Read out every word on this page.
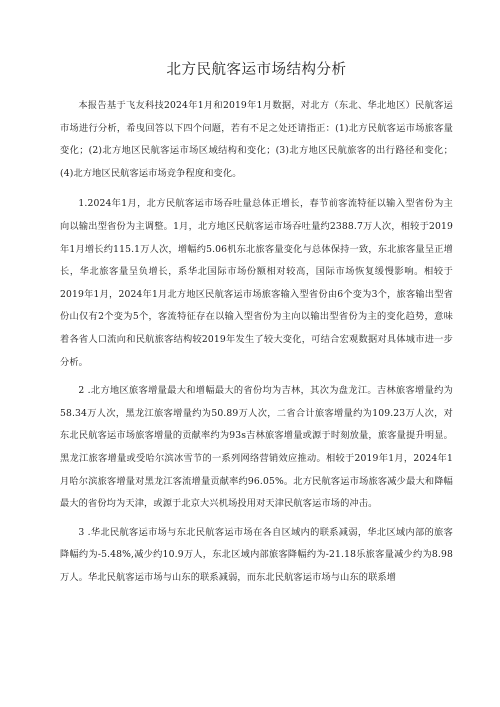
北方民航客运市场结构分析

本报告基于飞友科技2024年1月和2019年1月数据，对北方（东北、华北地区）民航客运市场进行分析，希曳回答以下四个问题，若有不足之处还请指正：(1)北方民航客运市场旅客量变化；(2)北方地区民航客运市场区域结构和变化；(3)北方地区民航旅客的出行路径和变化；(4)北方地区民航客运市场竞争程度和变化。

1.2024年1月，北方民航客运市场吞吐量总体正增长，春节前客流特征以输入型省份为主向以输出型省份为主调整。1月，北方地区民航客运市场吞吐量约2388.7万人次，相较于2019年1月增长约115.1万人次，增幅约5.06机东北旅客量变化与总体保持一致，东北旅客量呈正增长，华北旅客量呈负增长，系华北国际市场份额相对较高，国际市场恢复缓慢影响。相较于2019年1月，2024年1月北方地区民航客运市场旅客输入型省份由6个变为3个，旅客输出型省份山仅有2个变为5个，客流特征存在以输入型省份为主向以输出型省份为主的变化趋势，意味着各省人口流向和民航旅客结构较2019年发生了较大变化，可结合宏观数据对具体城市进一步分析。

2 .北方地区旅客增量最大和增幅最大的省份均为吉林，其次为盘龙江。吉林旅客增量约为58.34万人次，黑龙江旅客增量约为50.89万人次，二省合计旅客增量约为109.23万人次，对东北民航客运市场旅客增量的贡献率约为93s吉林旅客增量或源于时刻放量，旅客量提升明显。黑龙江旅客增量或受哈尔滨冰雪节的一系列网络营销效应推动。相较于2019年1月，2024年1月哈尔滨旅客增量对黑龙江客流增量贡献率约96.05%。北方民航客运市场旅客减少最大和降幅最大的省份均为天津，或源于北京大兴机场投用对天津民航客运市场的冲击。

3 .华北民航客运市场与东北民航客运市场在各自区域内的联系减弱，华北区域内部的旅客降幅约为-5.48%,减少约10.9万人，东北区域内部旅客降幅约为-21.18乐旅客量减少约为8.98万人。华北民航客运市场与山东的联系减弱，而东北民航客运市场与山东的联系增
